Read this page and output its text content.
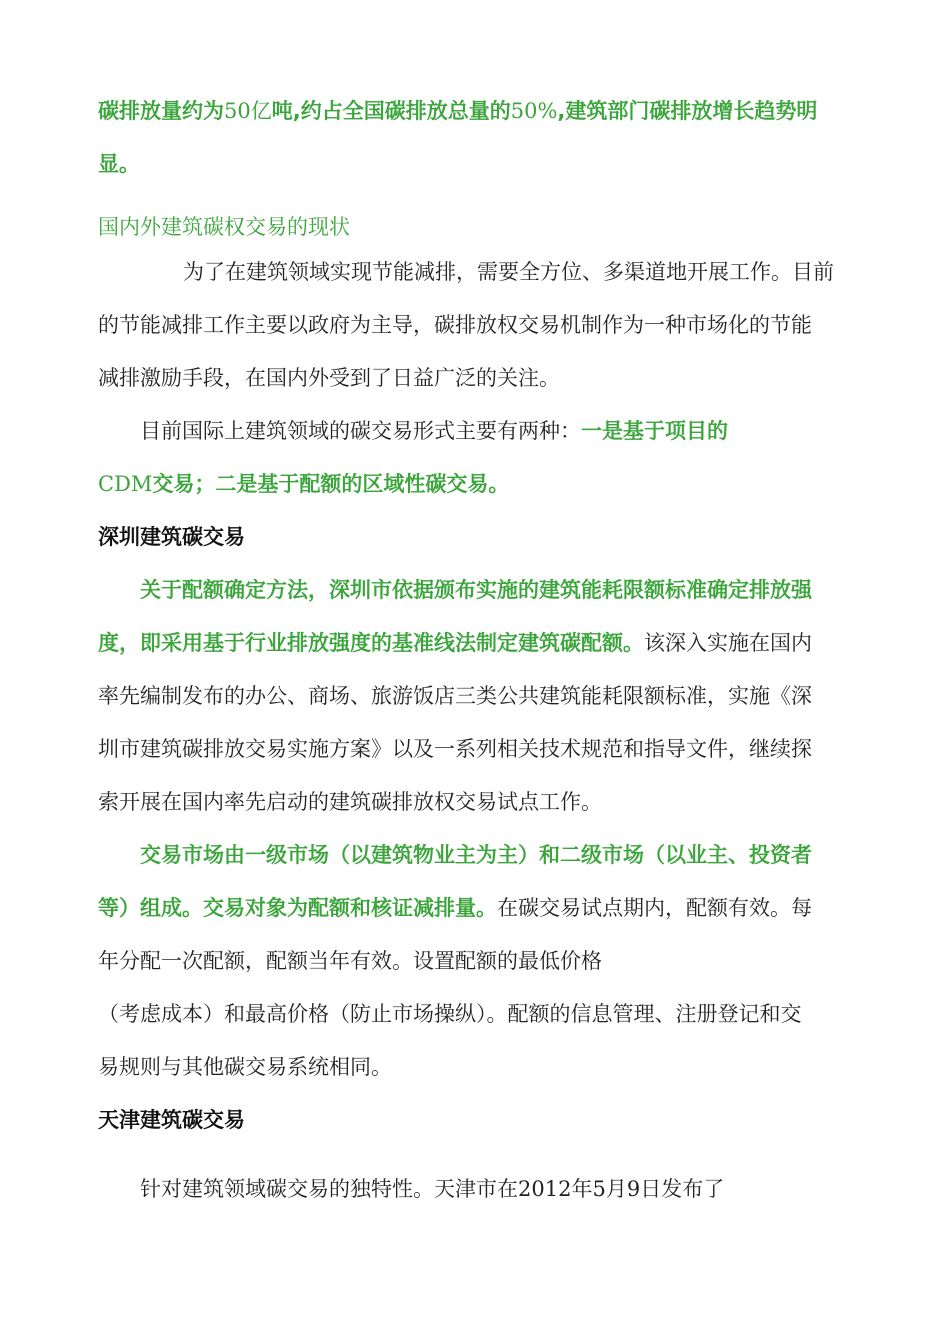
碳排放量约为50亿吨,约占全国碳排放总量的50%,建筑部门碳排放增长趋势明
显。
国内外建筑碳权交易的现状
为了在建筑领域实现节能减排，需要全方位、多渠道地开展工作。目前
的节能减排工作主要以政府为主导，碳排放权交易机制作为一种市场化的节能
减排激励手段，在国内外受到了日益广泛的关注。
目前国际上建筑领域的碳交易形式主要有两种：一是基于项目的
CDM交易；二是基于配额的区域性碳交易。
深圳建筑碳交易
关于配额确定方法，深圳市依据颁布实施的建筑能耗限额标准确定排放强
度，即采用基于行业排放强度的基准线法制定建筑碳配额。该深入实施在国内
率先编制发布的办公、商场、旅游饭店三类公共建筑能耗限额标准，实施《深
圳市建筑碳排放交易实施方案》以及一系列相关技术规范和指导文件，继续探
索开展在国内率先启动的建筑碳排放权交易试点工作。
交易市场由一级市场（以建筑物业主为主）和二级市场（以业主、投资者
等）组成。交易对象为配额和核证减排量。在碳交易试点期内，配额有效。每
年分配一次配额，配额当年有效。设置配额的最低价格
（考虑成本）和最高价格（防止市场操纵）。配额的信息管理、注册登记和交
易规则与其他碳交易系统相同。
天津建筑碳交易
针对建筑领域碳交易的独特性。天津市在2012年5月9日发布了
